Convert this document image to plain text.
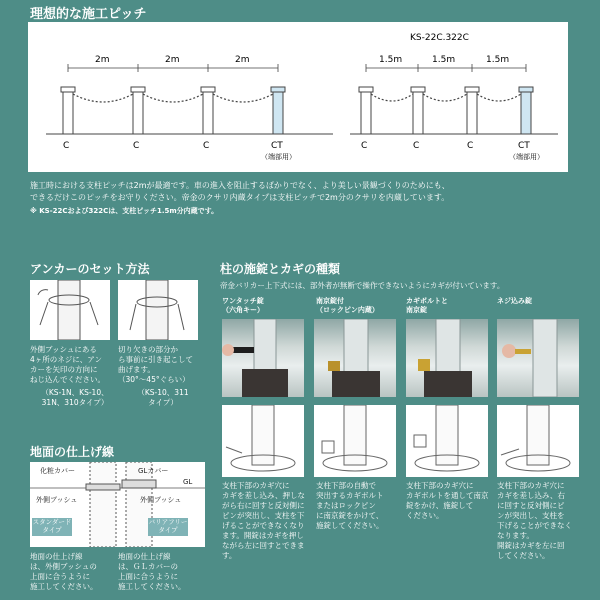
理想的な施工ピッチ
2m	2m	2m
C	C	C	CT
（端部用）
KS-22C.322C
1.5m	1.5m	1.5m
C	C	C	CT
（端部用）
施工時における支柱ピッチは2mが最適です。車の進入を阻止するばかりでなく、より美しい景観づくりのためにも、
できるだけこのピッチをお守りください。帝金のクサリ内蔵タイプは支柱ピッチで2m分のクサリを内蔵しています。
※ KS-22Cおよび322Cは、支柱ピッチ1.5m分内蔵です。
アンカーのセット方法
外側ブッシュにある
4ヶ所のネジに、アン
カーを矢印の方向に
ねじ込んでください。
（KS-1N、KS-10、
31N、310タイプ）
切り欠きの部分か
ら事前に引き起こして
曲げます。
（30°～45°ぐらい）
（KS-10、311
タイプ）
地面の仕上げ線
化粧カバー	GLカバー
GL
外側ブッシュ	外側ブッシュ
スタンダード
タイプ
バリアフリー
タイプ
地面の仕上げ線
は、外側ブッシュの
上面に合うように
施工してください。
地面の仕上げ線
は、ＧＬカバーの
上面に合うように
施工してください。
柱の施錠とカギの種類
帝金バリカー上下式には、部外者が無断で操作できないようにカギが付いています。
ワンタッチ錠
（六角キー）
南京錠付
（ロックピン内蔵）
カギボルトと
南京錠
ネジ込み錠
支柱下部のカギ穴に
カギを差し込み、押しな
がら右に回すと反対側に
ピンが突出し、支柱を下
げることができなくなり
ます。開錠はカギを押し
ながら左に回すとできま
す。
支柱下部の自動で
突出するカギボルト
またはロックピン
に南京錠をかけて、
施錠してください。
支柱下部のカギ穴に
カギボルトを通して南京
錠をかけ、施錠して
ください。
支柱下部のカギ穴に
カギを差し込み、右
に回すと反対側にピ
ンが突出し、支柱を
下げることができなく
なります。
開錠はカギを左に回
してください。
